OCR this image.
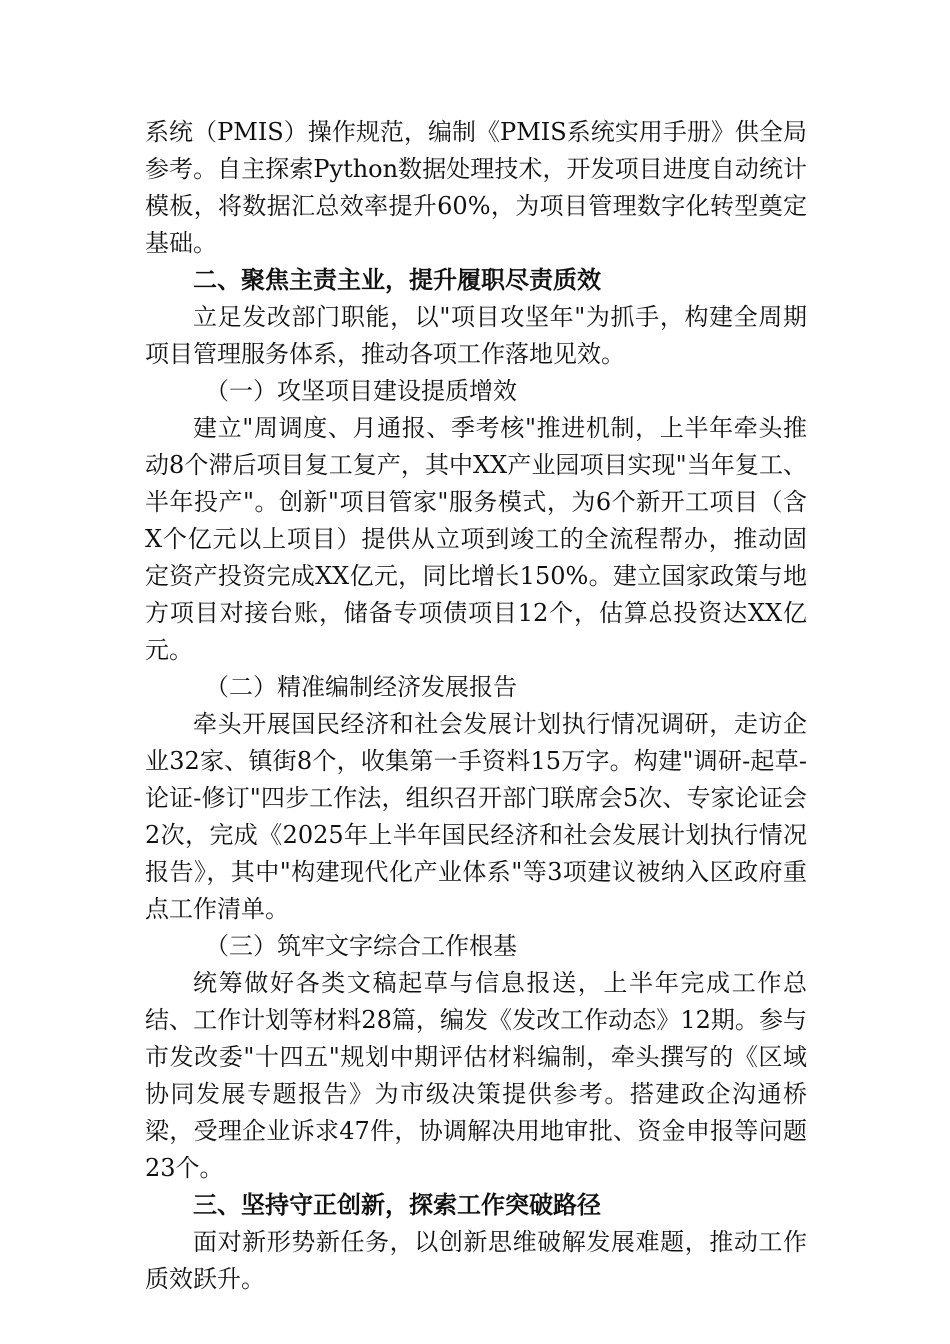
系统（PMIS）操作规范，编制《PMIS系统实用手册》供全局参考。自主探索Python数据处理技术，开发项目进度自动统计模板，将数据汇总效率提升60%，为项目管理数字化转型奠定基础。

二、聚焦主责主业，提升履职尽责质效

立足发改部门职能，以"项目攻坚年"为抓手，构建全周期项目管理服务体系，推动各项工作落地见效。

（一）攻坚项目建设提质增效

建立"周调度、月通报、季考核"推进机制，上半年牵头推动8个滞后项目复工复产，其中XX产业园项目实现"当年复工、半年投产"。创新"项目管家"服务模式，为6个新开工项目（含X个亿元以上项目）提供从立项到竣工的全流程帮办，推动固定资产投资完成XX亿元，同比增长150%。建立国家政策与地方项目对接台账，储备专项债项目12个，估算总投资达XX亿元。

（二）精准编制经济发展报告

牵头开展国民经济和社会发展计划执行情况调研，走访企业32家、镇街8个，收集第一手资料15万字。构建"调研-起草-论证-修订"四步工作法，组织召开部门联席会5次、专家论证会2次，完成《2025年上半年国民经济和社会发展计划执行情况报告》，其中"构建现代化产业体系"等3项建议被纳入区政府重点工作清单。

（三）筑牢文字综合工作根基

统筹做好各类文稿起草与信息报送，上半年完成工作总结、工作计划等材料28篇，编发《发改工作动态》12期。参与市发改委"十四五"规划中期评估材料编制，牵头撰写的《区域协同发展专题报告》为市级决策提供参考。搭建政企沟通桥梁，受理企业诉求47件，协调解决用地审批、资金申报等问题23个。

三、坚持守正创新，探索工作突破路径

面对新形势新任务，以创新思维破解发展难题，推动工作质效跃升。
